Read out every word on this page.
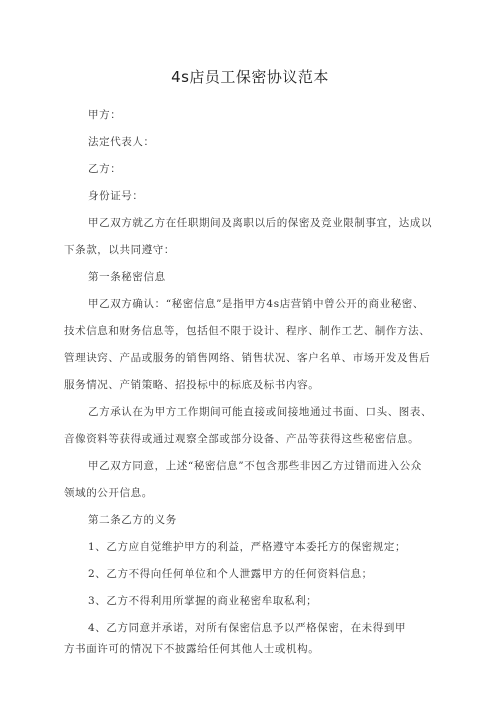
4s店员工保密协议范本
甲方：
法定代表人：
乙方：
身份证号：
甲乙双方就乙方在任职期间及离职以后的保密及竞业限制事宜，达成以
下条款，以共同遵守：
第一条秘密信息
甲乙双方确认：“秘密信息”是指甲方4s店营销中曾公开的商业秘密、
技术信息和财务信息等，包括但不限于设计、程序、制作工艺、制作方法、
管理诀窍、产品或服务的销售网络、销售状况、客户名单、市场开发及售后
服务情况、产销策略、招投标中的标底及标书内容。
乙方承认在为甲方工作期间可能直接或间接地通过书面、口头、图表、
音像资料等获得或通过观察全部或部分设备、产品等获得这些秘密信息。
甲乙双方同意，上述“秘密信息”不包含那些非因乙方过错而进入公众
领域的公开信息。
第二条乙方的义务
1、乙方应自觉维护甲方的利益，严格遵守本委托方的保密规定；
2、乙方不得向任何单位和个人泄露甲方的任何资料信息；
3、乙方不得利用所掌握的商业秘密牟取私利；
4、乙方同意并承诺，对所有保密信息予以严格保密，在未得到甲
方书面许可的情况下不披露给任何其他人士或机构。
